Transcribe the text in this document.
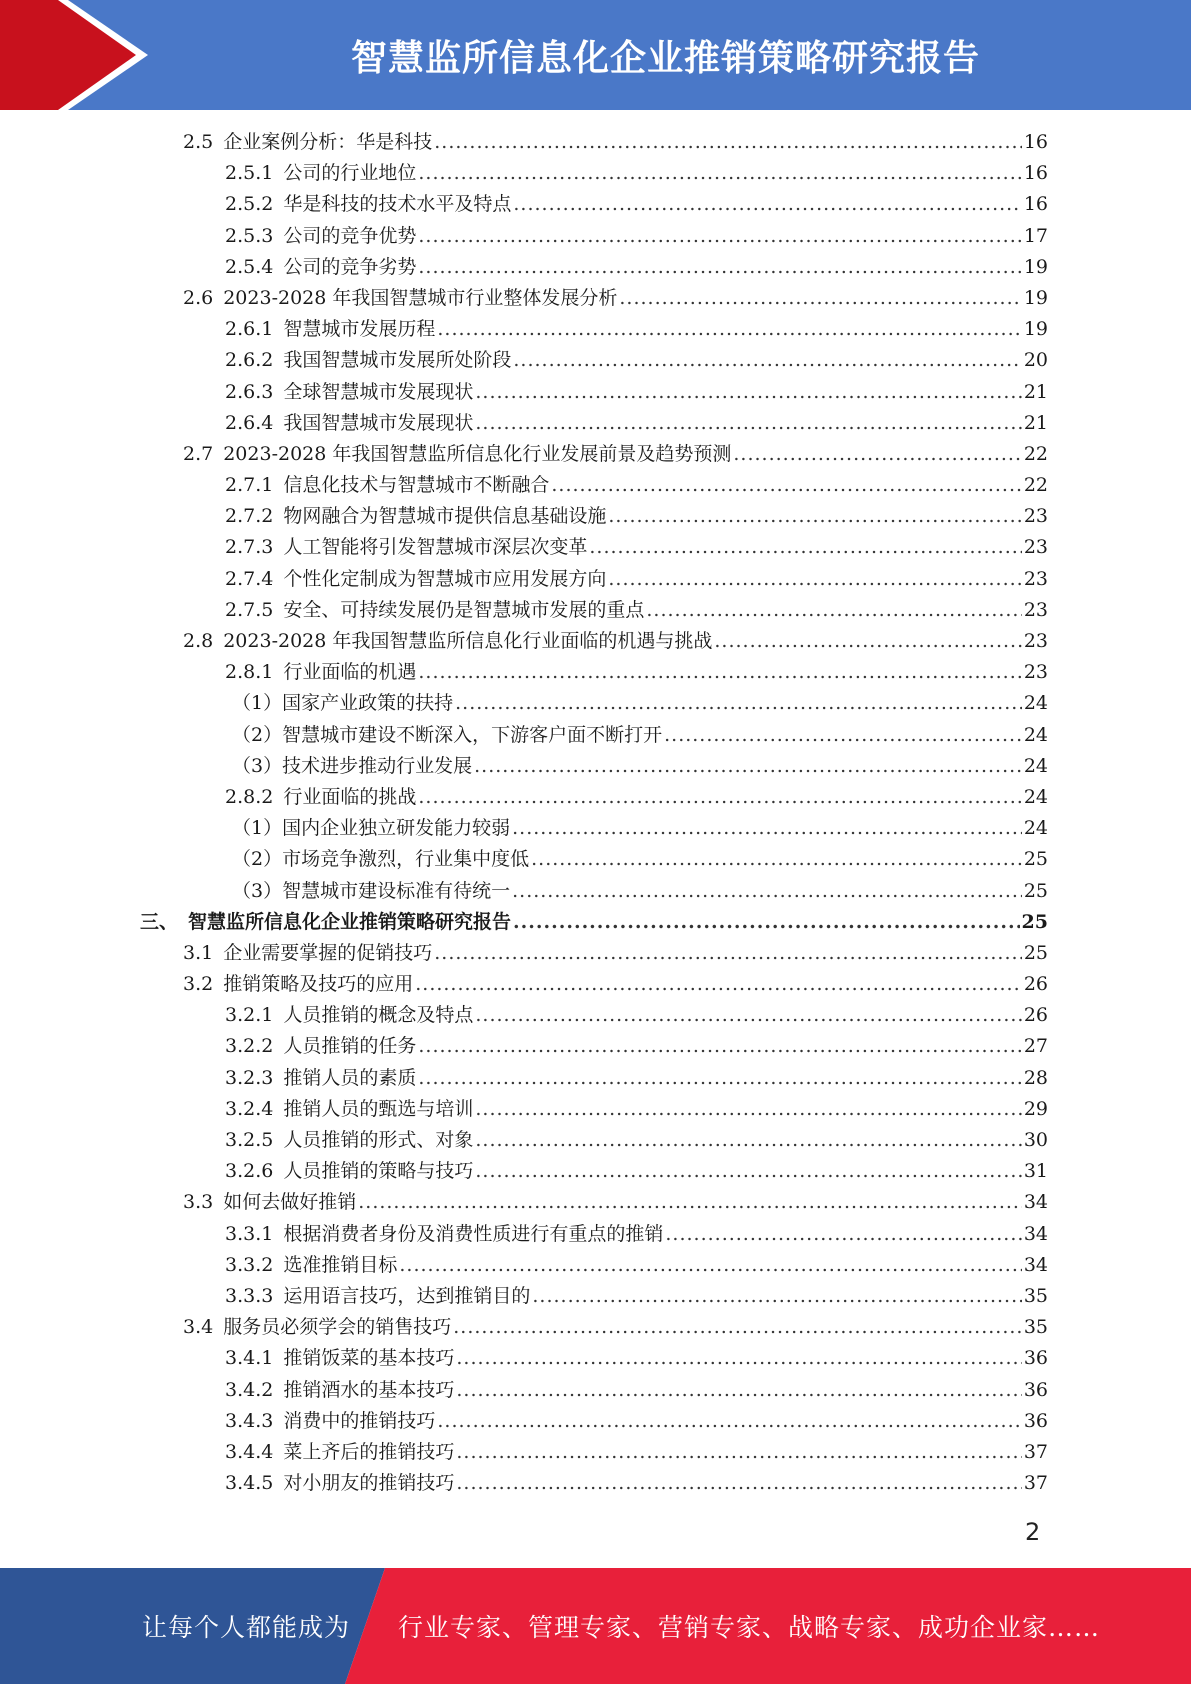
智慧监所信息化企业推销策略研究报告
2.5 企业案例分析：华是科技 .....	16
2.5.1 公司的行业地位 .....	16
2.5.2 华是科技的技术水平及特点 .....	16
2.5.3 公司的竞争优势 .....	17
2.5.4 公司的竞争劣势 .....	19
2.6 2023-2028 年我国智慧城市行业整体发展分析 .....	19
2.6.1 智慧城市发展历程 .....	19
2.6.2 我国智慧城市发展所处阶段 .....	20
2.6.3 全球智慧城市发展现状 .....	21
2.6.4 我国智慧城市发展现状 .....	21
2.7 2023-2028 年我国智慧监所信息化行业发展前景及趋势预测 .....	22
2.7.1 信息化技术与智慧城市不断融合 .....	22
2.7.2 物网融合为智慧城市提供信息基础设施 .....	23
2.7.3 人工智能将引发智慧城市深层次变革 .....	23
2.7.4 个性化定制成为智慧城市应用发展方向 .....	23
2.7.5 安全、可持续发展仍是智慧城市发展的重点 .....	23
2.8 2023-2028 年我国智慧监所信息化行业面临的机遇与挑战 .....	23
2.8.1 行业面临的机遇 .....	23
（1） 国家产业政策的扶持 .....	24
（2） 智慧城市建设不断深入，下游客户面不断打开 .....	24
（3） 技术进步推动行业发展 .....	24
2.8.2 行业面临的挑战 .....	24
（1） 国内企业独立研发能力较弱 .....	24
（2） 市场竞争激烈，行业集中度低 .....	25
（3） 智慧城市建设标准有待统一 .....	25
三、 智慧监所信息化企业推销策略研究报告 .....	25
3.1 企业需要掌握的促销技巧 .....	25
3.2 推销策略及技巧的应用 .....	26
3.2.1 人员推销的概念及特点 .....	26
3.2.2 人员推销的任务 .....	27
3.2.3 推销人员的素质 .....	28
3.2.4 推销人员的甄选与培训 .....	29
3.2.5 人员推销的形式、对象 .....	30
3.2.6 人员推销的策略与技巧 .....	31
3.3 如何去做好推销 .....	34
3.3.1 根据消费者身份及消费性质进行有重点的推销 .....	34
3.3.2 选准推销目标 .....	34
3.3.3 运用语言技巧，达到推销目的 .....	35
3.4 服务员必须学会的销售技巧 .....	35
3.4.1 推销饭菜的基本技巧 .....	36
3.4.2 推销酒水的基本技巧 .....	36
3.4.3 消费中的推销技巧 .....	36
3.4.4 菜上齐后的推销技巧 .....	37
3.4.5 对小朋友的推销技巧 .....	37
2
让每个人都能成为 行业专家、管理专家、营销专家、战略专家、成功企业家……
